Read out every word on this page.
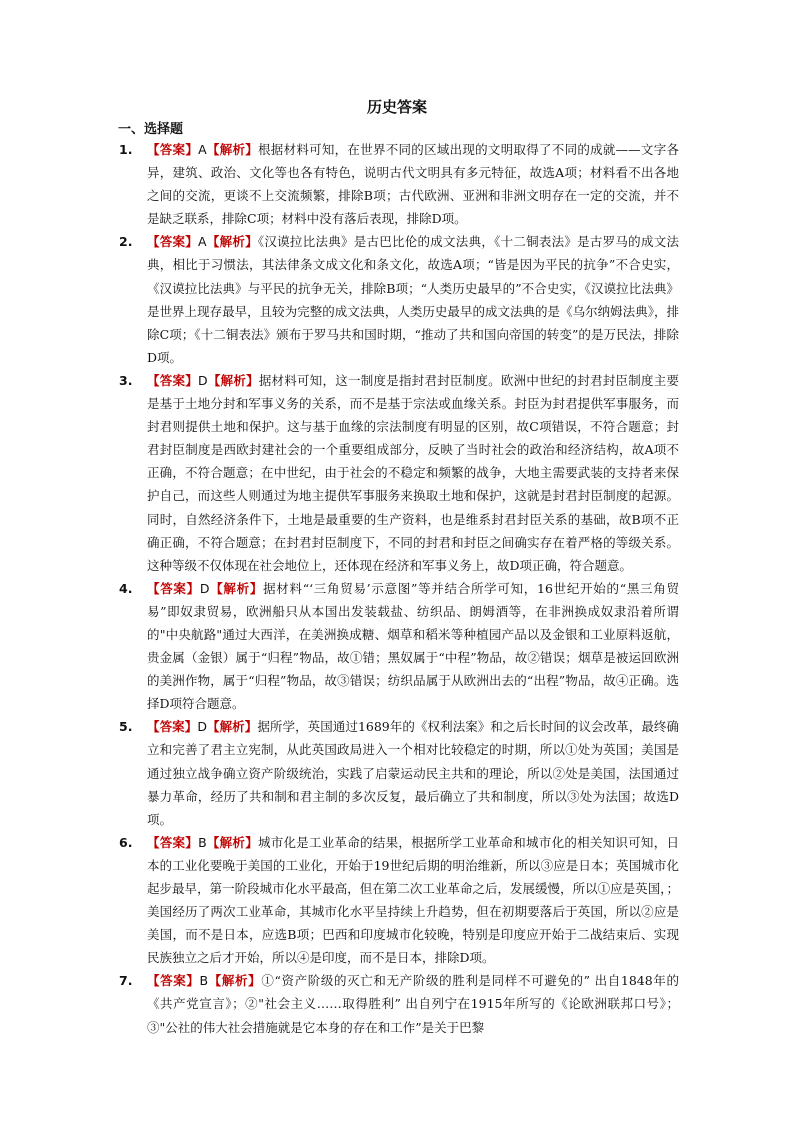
历史答案
一、选择题
1.	【答案】A【解析】根据材料可知，在世界不同的区域出现的文明取得了不同的成就——文字各异，建筑、政治、文化等也各有特色，说明古代文明具有多元特征，故选A项；材料看不出各地之间的交流，更谈不上交流频繁，排除B项；古代欧洲、亚洲和非洲文明存在一定的交流，并不是缺乏联系，排除C项；材料中没有落后表现，排除D项。
2.	【答案】A【解析】《汉谟拉比法典》是古巴比伦的成文法典，《十二铜表法》是古罗马的成文法典，相比于习惯法，其法律条文成文化和条文化，故选A项；“皆是因为平民的抗争”不合史实，《汉谟拉比法典》与平民的抗争无关，排除B项；“人类历史最早的”不合史实，《汉谟拉比法典》是世界上现存最早，且较为完整的成文法典，人类历史最早的成文法典的是《乌尔纳姆法典》，排除C项；《十二铜表法》颁布于罗马共和国时期，“推动了共和国向帝国的转变”的是万民法，排除D项。
3.	【答案】D【解析】据材料可知，这一制度是指封君封臣制度。欧洲中世纪的封君封臣制度主要是基于土地分封和军事义务的关系，而不是基于宗法或血缘关系。封臣为封君提供军事服务，而封君则提供土地和保护。这与基于血缘的宗法制度有明显的区别，故C项错误，不符合题意；封君封臣制度是西欧封建社会的一个重要组成部分，反映了当时社会的政治和经济结构，故A项不正确，不符合题意；在中世纪，由于社会的不稳定和频繁的战争，大地主需要武装的支持者来保护自己，而这些人则通过为地主提供军事服务来换取土地和保护，这就是封君封臣制度的起源。同时，自然经济条件下，土地是最重要的生产资料，也是维系封君封臣关系的基础，故B项不正确正确，不符合题意；在封君封臣制度下，不同的封君和封臣之间确实存在着严格的等级关系。这种等级不仅体现在社会地位上，还体现在经济和军事义务上，故D项正确，符合题意。
4.	【答案】D【解析】据材料“‘三角贸易’示意图”等并结合所学可知，16世纪开始的“黑三角贸易”即奴隶贸易，欧洲船只从本国出发装载盐、纺织品、朗姆酒等，在非洲换成奴隶沿着所谓的"中央航路"通过大西洋，在美洲换成糖、烟草和稻米等种植园产品以及金银和工业原料返航，贵金属（金银）属于“归程”物品，故①错；黑奴属于“中程”物品，故②错误；烟草是被运回欧洲的美洲作物，属于“归程”物品，故③错误；纺织品属于从欧洲出去的“出程”物品，故④正确。选择D项符合题意。
5.	【答案】D【解析】据所学，英国通过1689年的《权利法案》和之后长时间的议会改革，最终确立和完善了君主立宪制，从此英国政局进入一个相对比较稳定的时期，所以①处为英国；美国是通过独立战争确立资产阶级统治，实践了启蒙运动民主共和的理论，所以②处是美国，法国通过暴力革命，经历了共和制和君主制的多次反复，最后确立了共和制度，所以③处为法国；故选D项。
6.	【答案】B【解析】城市化是工业革命的结果，根据所学工业革命和城市化的相关知识可知，日本的工业化要晚于美国的工业化，开始于19世纪后期的明治维新，所以③应是日本；英国城市化起步最早，第一阶段城市化水平最高，但在第二次工业革命之后，发展缓慢，所以①应是英国，；美国经历了两次工业革命，其城市化水平呈持续上升趋势，但在初期要落后于英国，所以②应是美国，而不是日本，应选B项；巴西和印度城市化较晚，特别是印度应开始于二战结束后、实现民族独立之后才开始，所以④是印度，而不是日本，排除D项。
7.	【答案】B【解析】①“资产阶级的灭亡和无产阶级的胜利是同样不可避免的” 出自1848年的《共产党宣言》；②"社会主义……取得胜利” 出自列宁在1915年所写的《论欧洲联邦口号》；③"公社的伟大社会措施就是它本身的存在和工作”是关于巴黎
